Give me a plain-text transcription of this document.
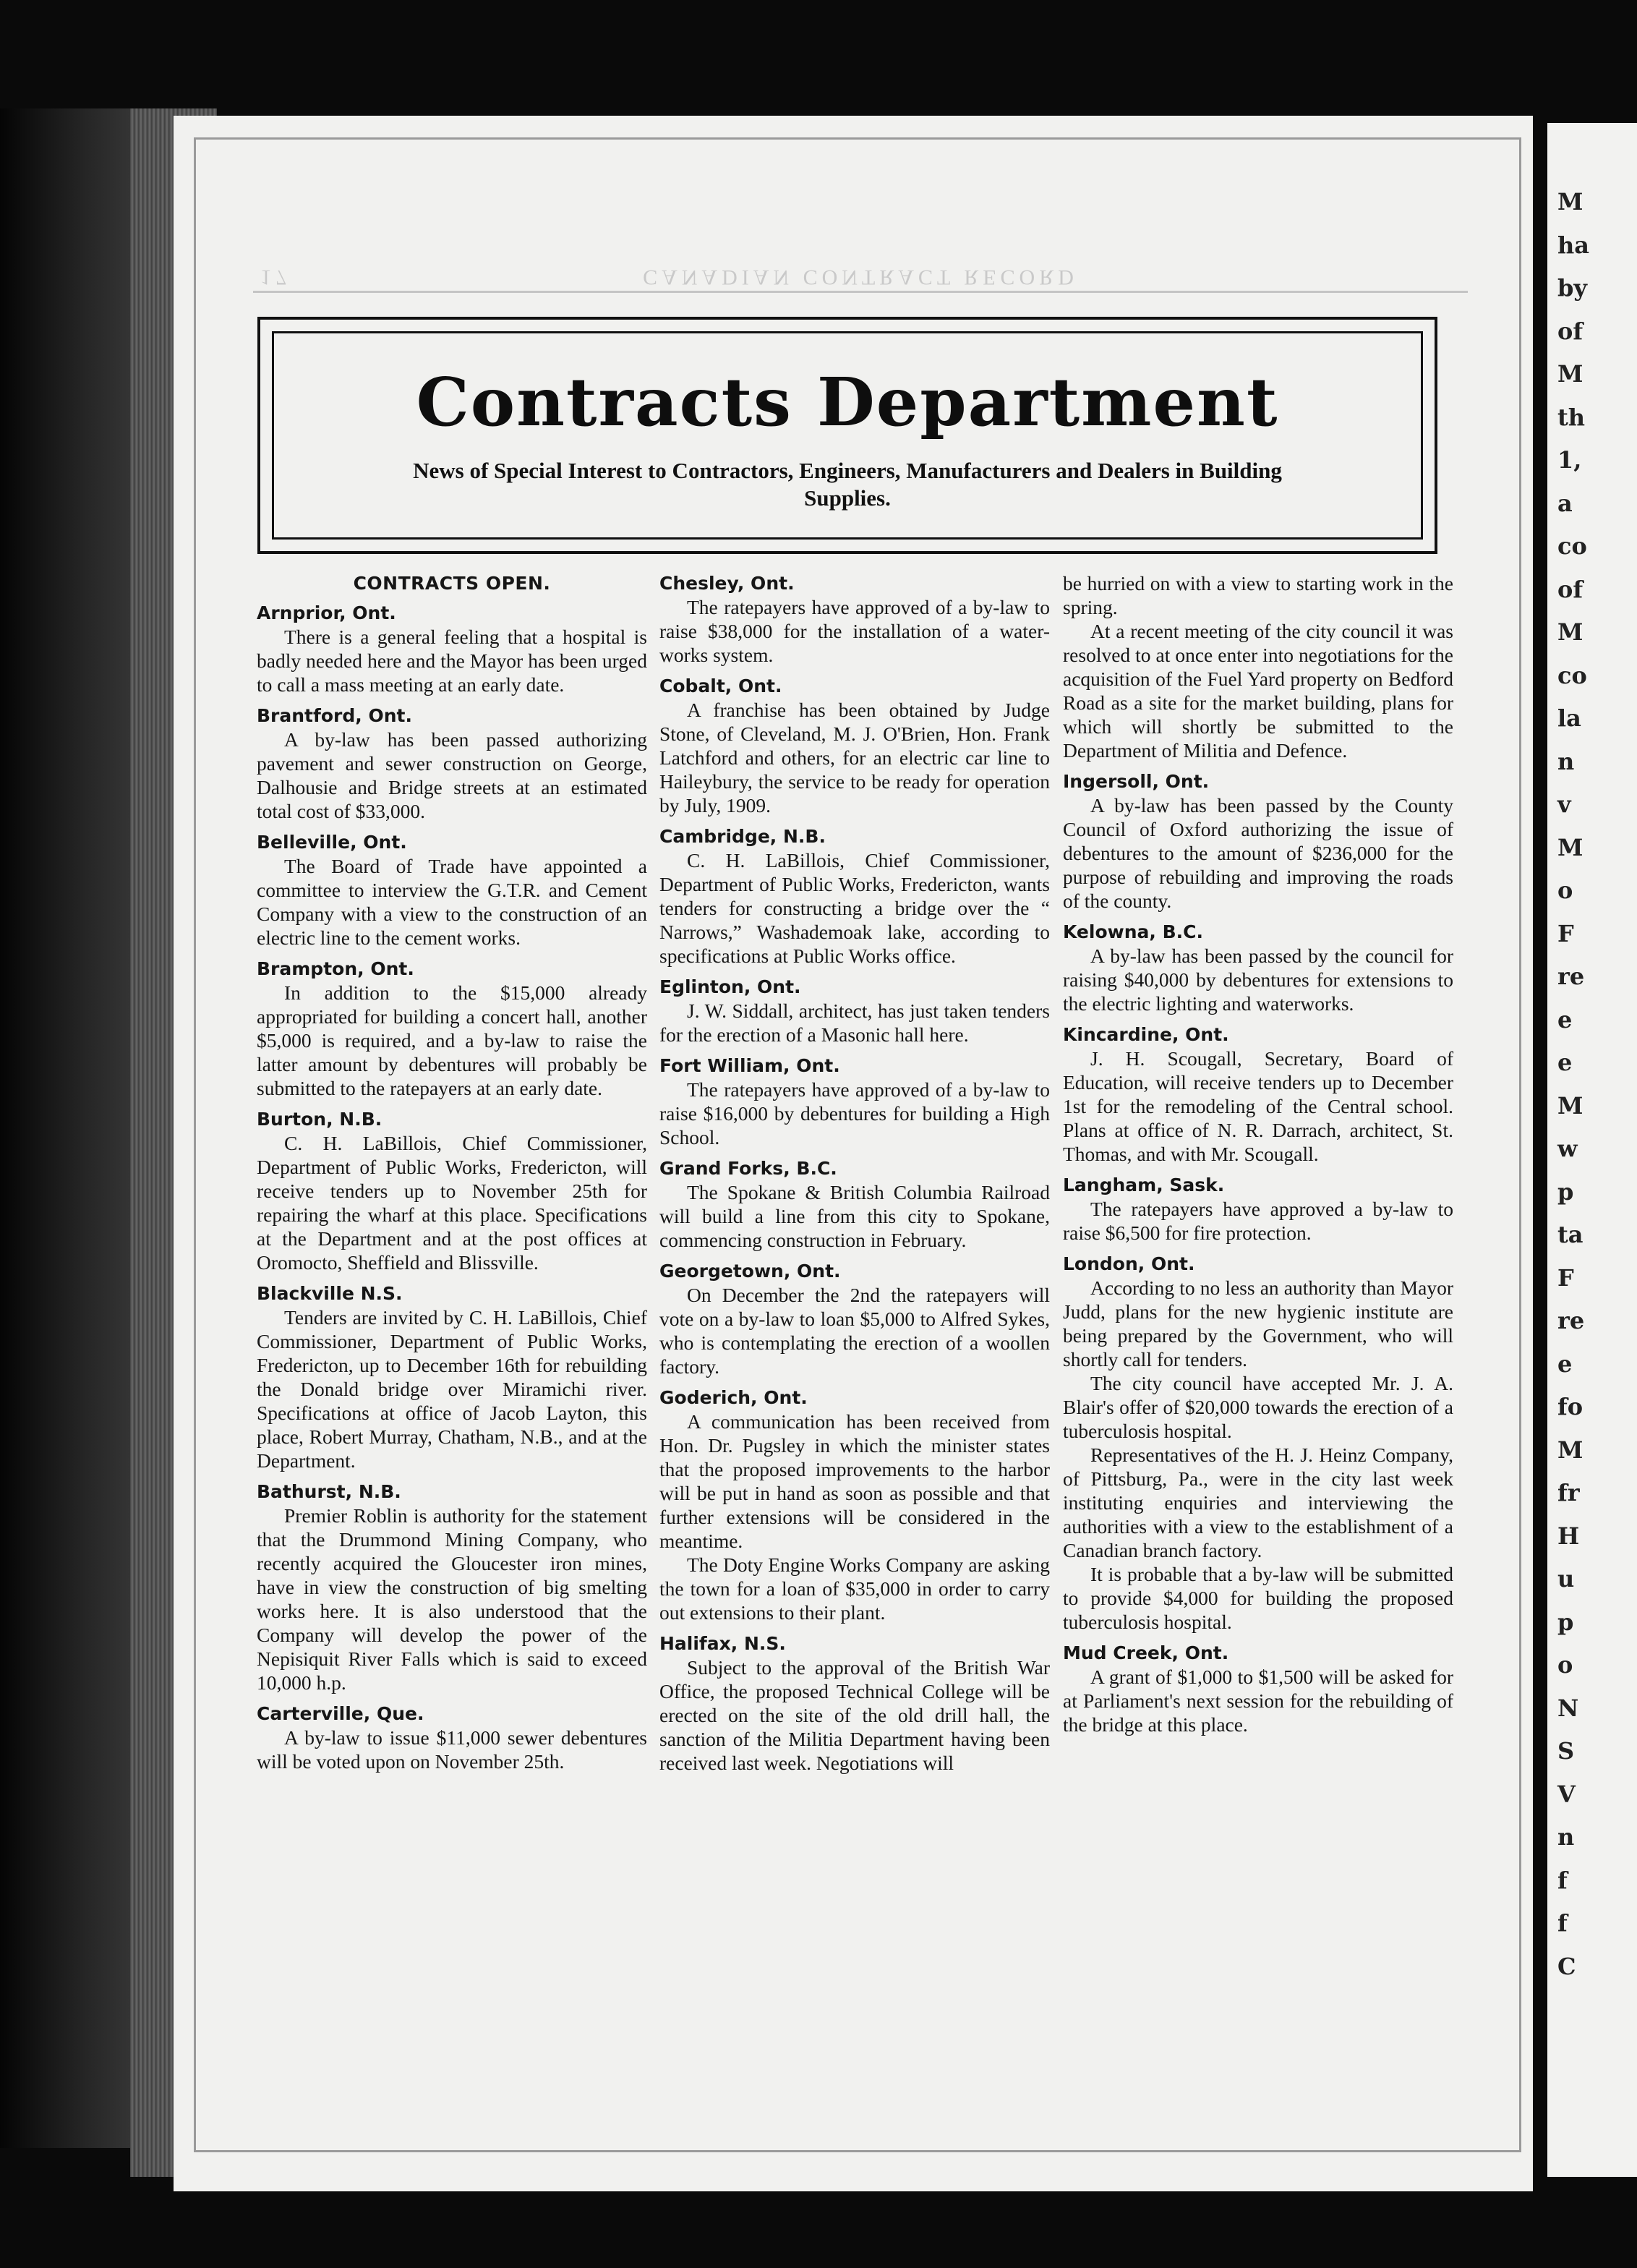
M
ha
by
of
M
th
1,
a
co
of
M
co
la
n
v
M
o
F
re
e
e
M
w
p
ta
F
re
e
fo
M
fr
H
u
p
o
N
S
V
n
f
f
C
17	CANADIAN CONTRACT RECORD
Contracts Department
News of Special Interest to Contractors, Engineers, Manufacturers and Dealers in Building Supplies.
CONTRACTS OPEN.
Arnprior, Ont.

There is a general feeling that a hospital is badly needed here and the Mayor has been urged to call a mass meeting at an early date.

Brantford, Ont.

A by-law has been passed authorizing pavement and sewer construction on George, Dalhousie and Bridge streets at an estimated total cost of $33,000.

Belleville, Ont.

The Board of Trade have appointed a committee to interview the G.T.R. and Cement Company with a view to the construction of an electric line to the cement works.

Brampton, Ont.

In addition to the $15,000 already appropriated for building a concert hall, another $5,000 is required, and a by-law to raise the latter amount by debentures will probably be submitted to the ratepayers at an early date.

Burton, N.B.

C. H. LaBillois, Chief Commissioner, Department of Public Works, Fredericton, will receive tenders up to November 25th for repairing the wharf at this place. Specifications at the Department and at the post offices at Oromocto, Sheffield and Blissville.

Blackville N.S.

Tenders are invited by C. H. LaBillois, Chief Commissioner, Department of Public Works, Fredericton, up to December 16th for rebuilding the Donald bridge over Miramichi river. Specifications at office of Jacob Layton, this place, Robert Murray, Chatham, N.B., and at the Department.

Bathurst, N.B.

Premier Roblin is authority for the statement that the Drummond Mining Company, who recently acquired the Gloucester iron mines, have in view the construction of big smelting works here. It is also understood that the Company will develop the power of the Nepisiquit River Falls which is said to exceed 10,000 h.p.

Carterville, Que.

A by-law to issue $11,000 sewer debentures will be voted upon on November 25th.

Chesley, Ont.

The ratepayers have approved of a by-law to raise $38,000 for the installation of a water-works system.

Cobalt, Ont.

A franchise has been obtained by Judge Stone, of Cleveland, M. J. O'Brien, Hon. Frank Latchford and others, for an electric car line to Haileybury, the service to be ready for operation by July, 1909.

Cambridge, N.B.

C. H. LaBillois, Chief Commissioner, Department of Public Works, Fredericton, wants tenders for constructing a bridge over the “ Narrows,” Washademoak lake, according to specifications at Public Works office.

Eglinton, Ont.

J. W. Siddall, architect, has just taken tenders for the erection of a Masonic hall here.

Fort William, Ont.

The ratepayers have approved of a by-law to raise $16,000 by debentures for building a High School.

Grand Forks, B.C.

The Spokane & British Columbia Railroad will build a line from this city to Spokane, commencing construction in February.

Georgetown, Ont.

On December the 2nd the ratepayers will vote on a by-law to loan $5,000 to Alfred Sykes, who is contemplating the erection of a woollen factory.

Goderich, Ont.

A communication has been received from Hon. Dr. Pugsley in which the minister states that the proposed improvements to the harbor will be put in hand as soon as possible and that further extensions will be considered in the meantime.

The Doty Engine Works Company are asking the town for a loan of $35,000 in order to carry out extensions to their plant.

Halifax, N.S.

Subject to the approval of the British War Office, the proposed Technical College will be erected on the site of the old drill hall, the sanction of the Militia Department having been received last week. Negotiations will

be hurried on with a view to starting work in the spring.

At a recent meeting of the city council it was resolved to at once enter into negotiations for the acquisition of the Fuel Yard property on Bedford Road as a site for the market building, plans for which will shortly be submitted to the Department of Militia and Defence.

Ingersoll, Ont.

A by-law has been passed by the County Council of Oxford authorizing the issue of debentures to the amount of $236,000 for the purpose of rebuilding and improving the roads of the county.

Kelowna, B.C.

A by-law has been passed by the council for raising $40,000 by debentures for extensions to the electric lighting and waterworks.

Kincardine, Ont.

J. H. Scougall, Secretary, Board of Education, will receive tenders up to December 1st for the remodeling of the Central school. Plans at office of N. R. Darrach, architect, St. Thomas, and with Mr. Scougall.

Langham, Sask.

The ratepayers have approved a by-law to raise $6,500 for fire protection.

London, Ont.

According to no less an authority than Mayor Judd, plans for the new hygienic institute are being prepared by the Government, who will shortly call for tenders.

The city council have accepted Mr. J. A. Blair's offer of $20,000 towards the erection of a tuberculosis hospital.

Representatives of the H. J. Heinz Company, of Pittsburg, Pa., were in the city last week instituting enquiries and interviewing the authorities with a view to the establishment of a Canadian branch factory.

It is probable that a by-law will be submitted to provide $4,000 for building the proposed tuberculosis hospital.

Mud Creek, Ont.

A grant of $1,000 to $1,500 will be asked for at Parliament's next session for the rebuilding of the bridge at this place.
